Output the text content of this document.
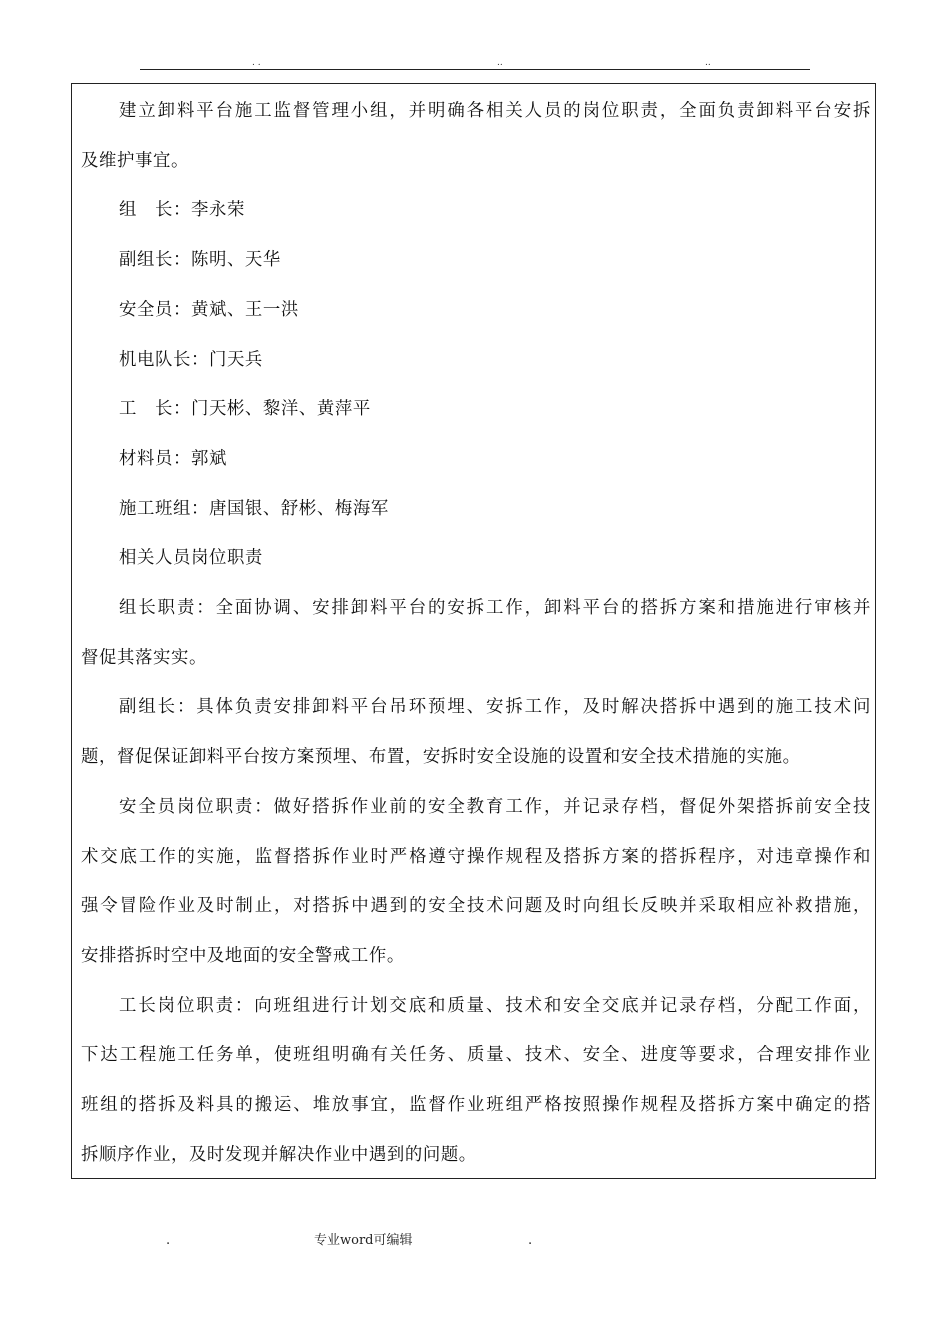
. .	..	..

建立卸料平台施工监督管理小组，并明确各相关人员的岗位职责，全面负责卸料平台安拆

及维护事宜。

组　长：李永荣

副组长：陈明、天华

安全员：黄斌、王一洪

机电队长：门天兵

工　长：门天彬、黎洋、黄萍平

材料员：郭斌

施工班组：唐国银、舒彬、梅海军

相关人员岗位职责

组长职责：全面协调、安排卸料平台的安拆工作，卸料平台的搭拆方案和措施进行审核并

督促其落实实。

副组长：具体负责安排卸料平台吊环预埋、安拆工作，及时解决搭拆中遇到的施工技术问

题，督促保证卸料平台按方案预埋、布置，安拆时安全设施的设置和安全技术措施的实施。

安全员岗位职责：做好搭拆作业前的安全教育工作，并记录存档，督促外架搭拆前安全技

术交底工作的实施，监督搭拆作业时严格遵守操作规程及搭拆方案的搭拆程序，对违章操作和

强令冒险作业及时制止，对搭拆中遇到的安全技术问题及时向组长反映并采取相应补救措施，

安排搭拆时空中及地面的安全警戒工作。

工长岗位职责：向班组进行计划交底和质量、技术和安全交底并记录存档，分配工作面，

下达工程施工任务单，使班组明确有关任务、质量、技术、安全、进度等要求，合理安排作业

班组的搭拆及料具的搬运、堆放事宜，监督作业班组严格按照操作规程及搭拆方案中确定的搭

拆顺序作业，及时发现并解决作业中遇到的问题。

.	专业word可编辑	.
